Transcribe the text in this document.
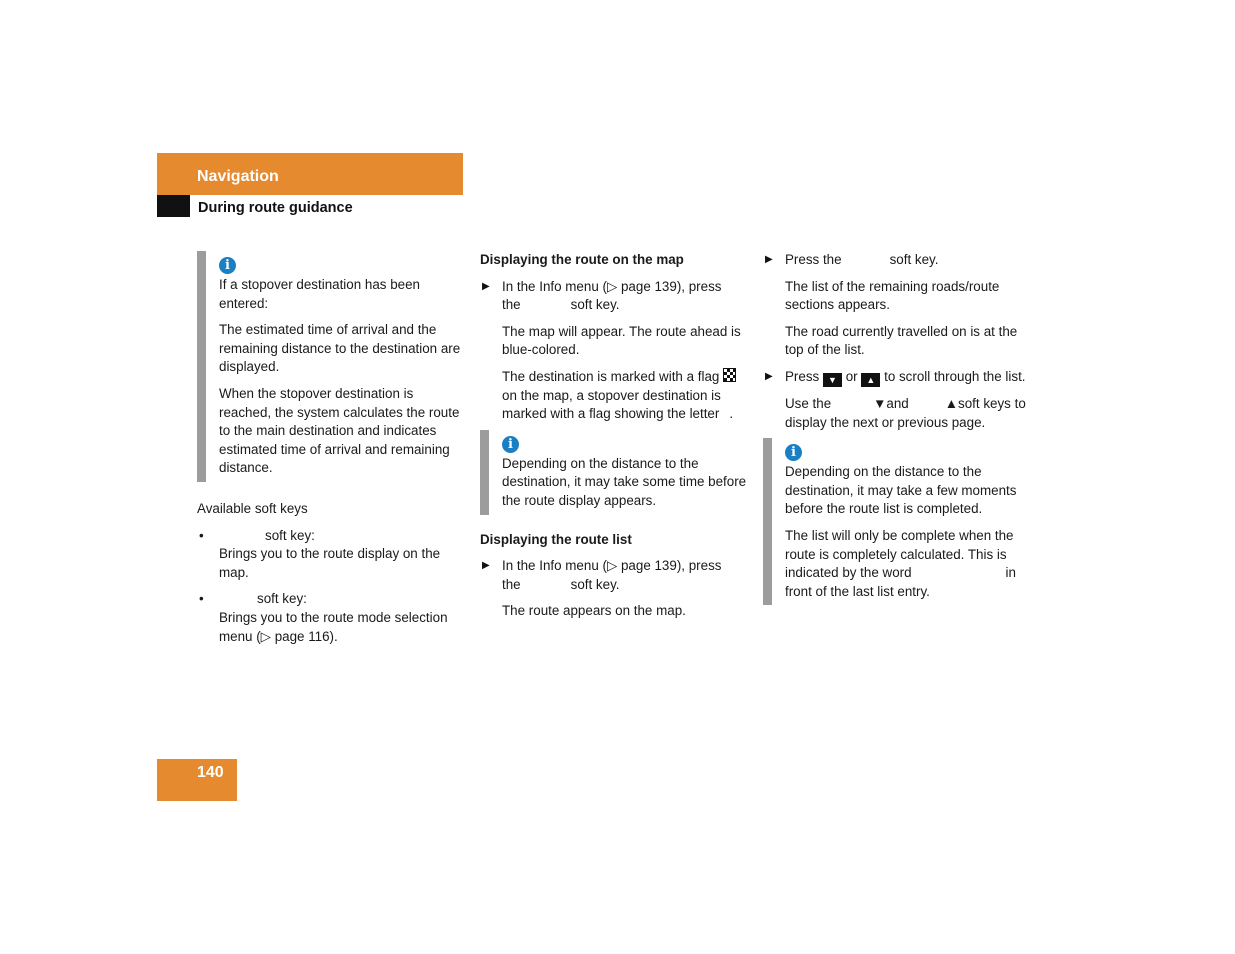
Navigation
During route guidance
i

If a stopover destination has been entered:

The estimated time of arrival and the remaining distance to the destination are displayed.

When the stopover destination is reached, the system calculates the route to the main destination and indicates estimated time of arrival and remaining distance.

Available soft keys

•	soft key:

Brings you to the route display on the map.

•	soft key:

Brings you to the route mode selection menu (▷ page 116).

Displaying the route on the map

▶ In the Info menu (▷ page 139), press

the	soft key.

The map will appear. The route ahead is blue-colored.

The destination is marked with a flag  on the map, a stopover destination is marked with a flag showing the letter .

i

Depending on the distance to the destination, it may take some time before the route display appears.

Displaying the route list

▶ In the Info menu (▷ page 139), press

the	soft key.

The route appears on the map.

▶ Press the	soft key.

The list of the remaining roads/route sections appears.

The road currently travelled on is at the top of the list.

▶ Press ▼ or ▲ to scroll through the list.

Use the	▼and	▲soft keys to display the next or previous page.

i

Depending on the distance to the destination, it may take a few moments before the route list is completed.

The list will only be complete when the route is completely calculated. This is indicated by the word	in front of the last list entry.

140
